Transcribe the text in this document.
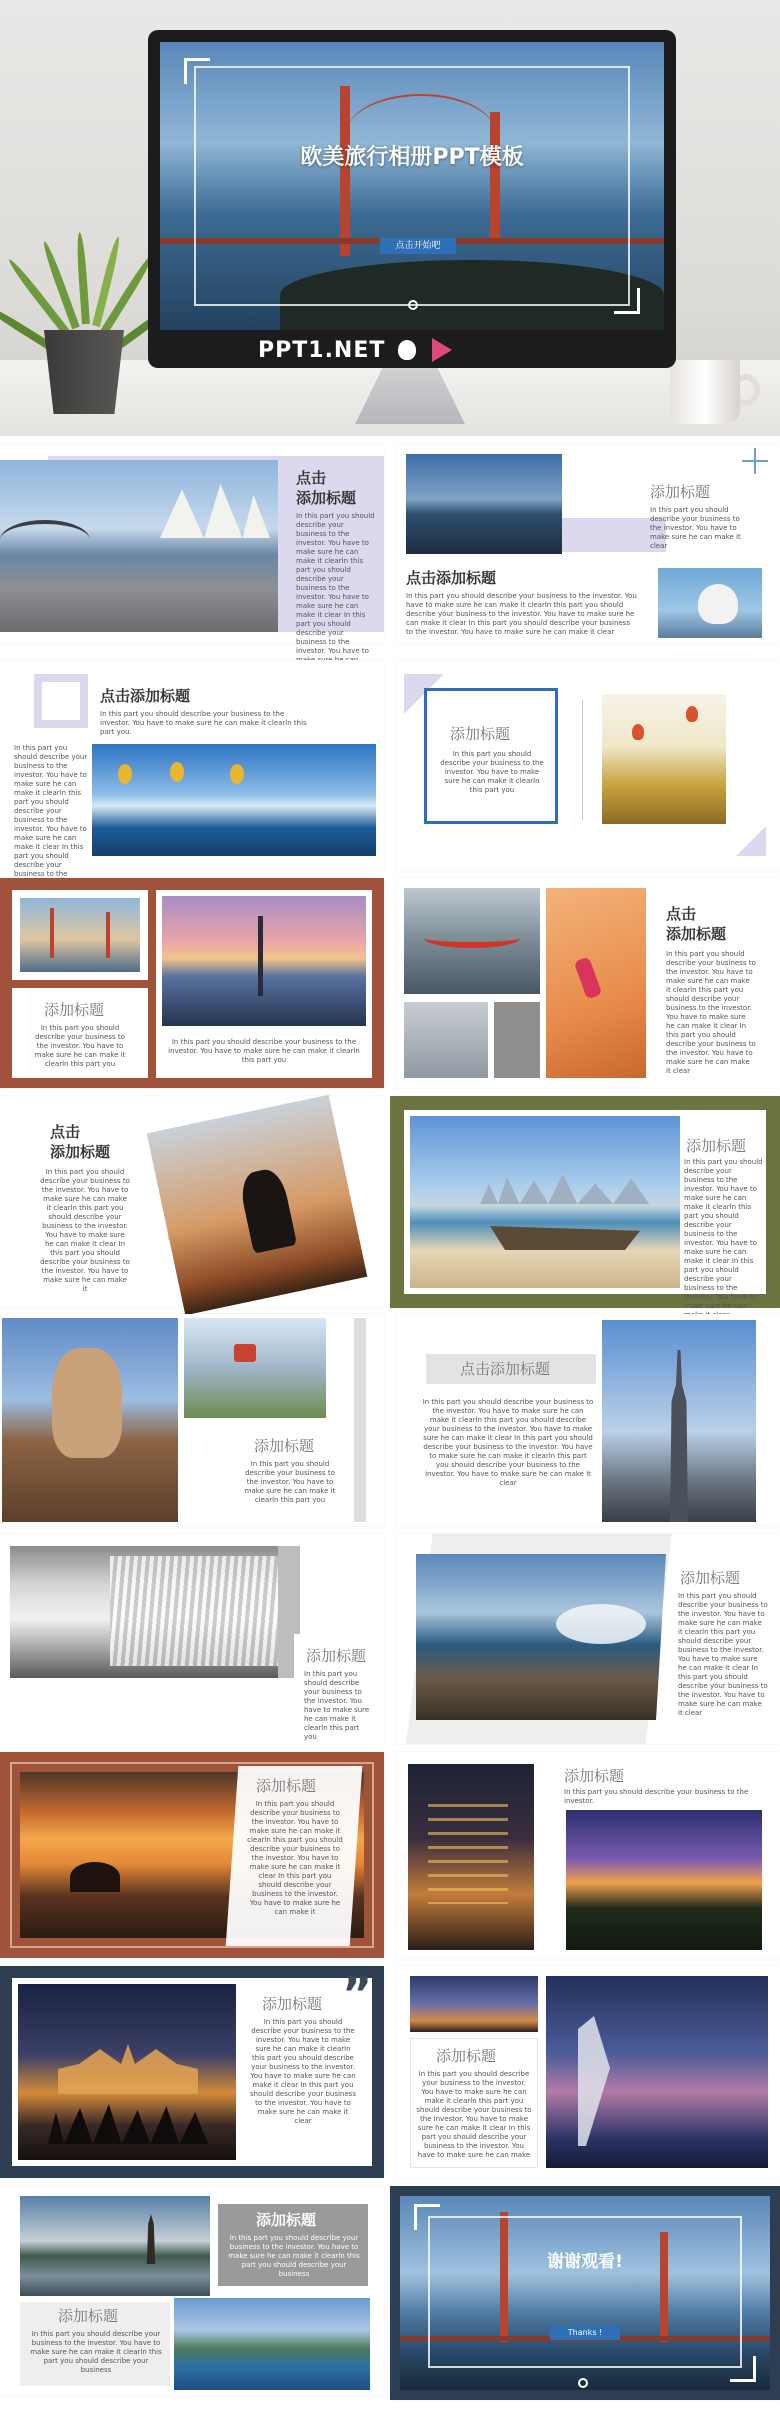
欧美旅行相册PPT模板
点击开始吧
PPT1.NET
点击
添加标题
In this part you should describe your business to the investor. You have to make sure he can make it clearln this part you should describe your business to the investor. You have to make sure he can make it clear In this part you should describe your business to the investor. You have to
添加标题
In this part you should describe your business to the investor. You have to make sure he can make it clear
点击添加标题
In this part you should describe your business to the investor. You have to make sure he can make it clearln this part you should describe your business to the investor. You have to make sure he can make it clear In this part you should describe your business to the investor. You have to make sure he can make it clear
点击添加标题
In this part you should describe your business to the investor. You have to make sure he can make it clearln this part you.
In this part you should describe your business to the investor. You have to make sure he can make it clearln this part you should describe your business to the investor. You have to make sure he can make it clear In this part you should describe your business to the
添加标题
In this part you should describe your business to the investor. You have to make sure he can make it clearln this part you
添加标题
In this part you should describe your business to the investor. You have to make sure he can make it clearln this part you
In this part you should describe your business to the investor. You have to make sure he can make it clearln this part you
点击
添加标题
In this part you should describe your business to the investor. You have to make sure he can make it clearln this part you should describe your business to the investor. You have to make sure he can make it clear In this part you should describe your business to the investor. You have to make sure he can make it clear
点击
添加标题
In this part you should describe your business to the investor. You have to make sure he can make it clearln this part you should describe your business to the investor. You have to make sure he can make it clear In this part you should describe your business to the investor. You have to make sure he can make it
添加标题
In this part you should describe your business to the investor. You have to make sure he can make it clearln this part you should describe your business to the investor. You have to make sure he can make it clear In this part you should describe your business to the investor. You have to make sure he can
添加标题
In this part you should describe your business to the investor. You have to make sure he can make it clearln this part you
点击添加标题
In this part you should describe your business to the investor. You have to make sure he can make it clearln this part you should describe your business to the investor. You have to make sure he can make it clear In this part you should describe your business to the investor. You have to make sure he can make it clearln this part you should describe your business to the investor. You have to make sure he can make it clear
添加标题
In this part you should describe your business to the investor. You have to make sure he can make it clearln this part you
添加标题
In this part you should describe your business to the investor. You have to make sure he can make it clearln this part you should describe your business to the investor. You have to make sure he can make it clear In this part you should describe your business to the investor. You have to make sure he can make it clear
添加标题
In this part you should describe your business to the investor. You have to make sure he can make it clearln this part you should describe your business to the investor. You have to make sure he can make it clear In this part you should describe your business to the investor. You have to make sure he can make it
添加标题
In this part you should describe your business to the investor.
”
添加标题
In this part you should describe your business to the investor. You have to make sure he can make it clearln this part you should describe your business to the investor. You have to make sure he can make it clear In this part you should describe your business to the investor. You have to make sure he can make it clear
添加标题
In this part you should describe your business to the investor. You have to make sure he can make it clearln this part you should describe your business to the investor. You have to make sure he can make it clear In this part you should describe your business to the investor. You have to make sure he can make
添加标题
In this part you should describe your business to the investor. You have to make sure he can make it clearln this part you should describe your business
添加标题
In this part you should describe your business to the investor. You have to make sure he can make it clearln this part you should describe your business
谢谢观看!
Thanks !
